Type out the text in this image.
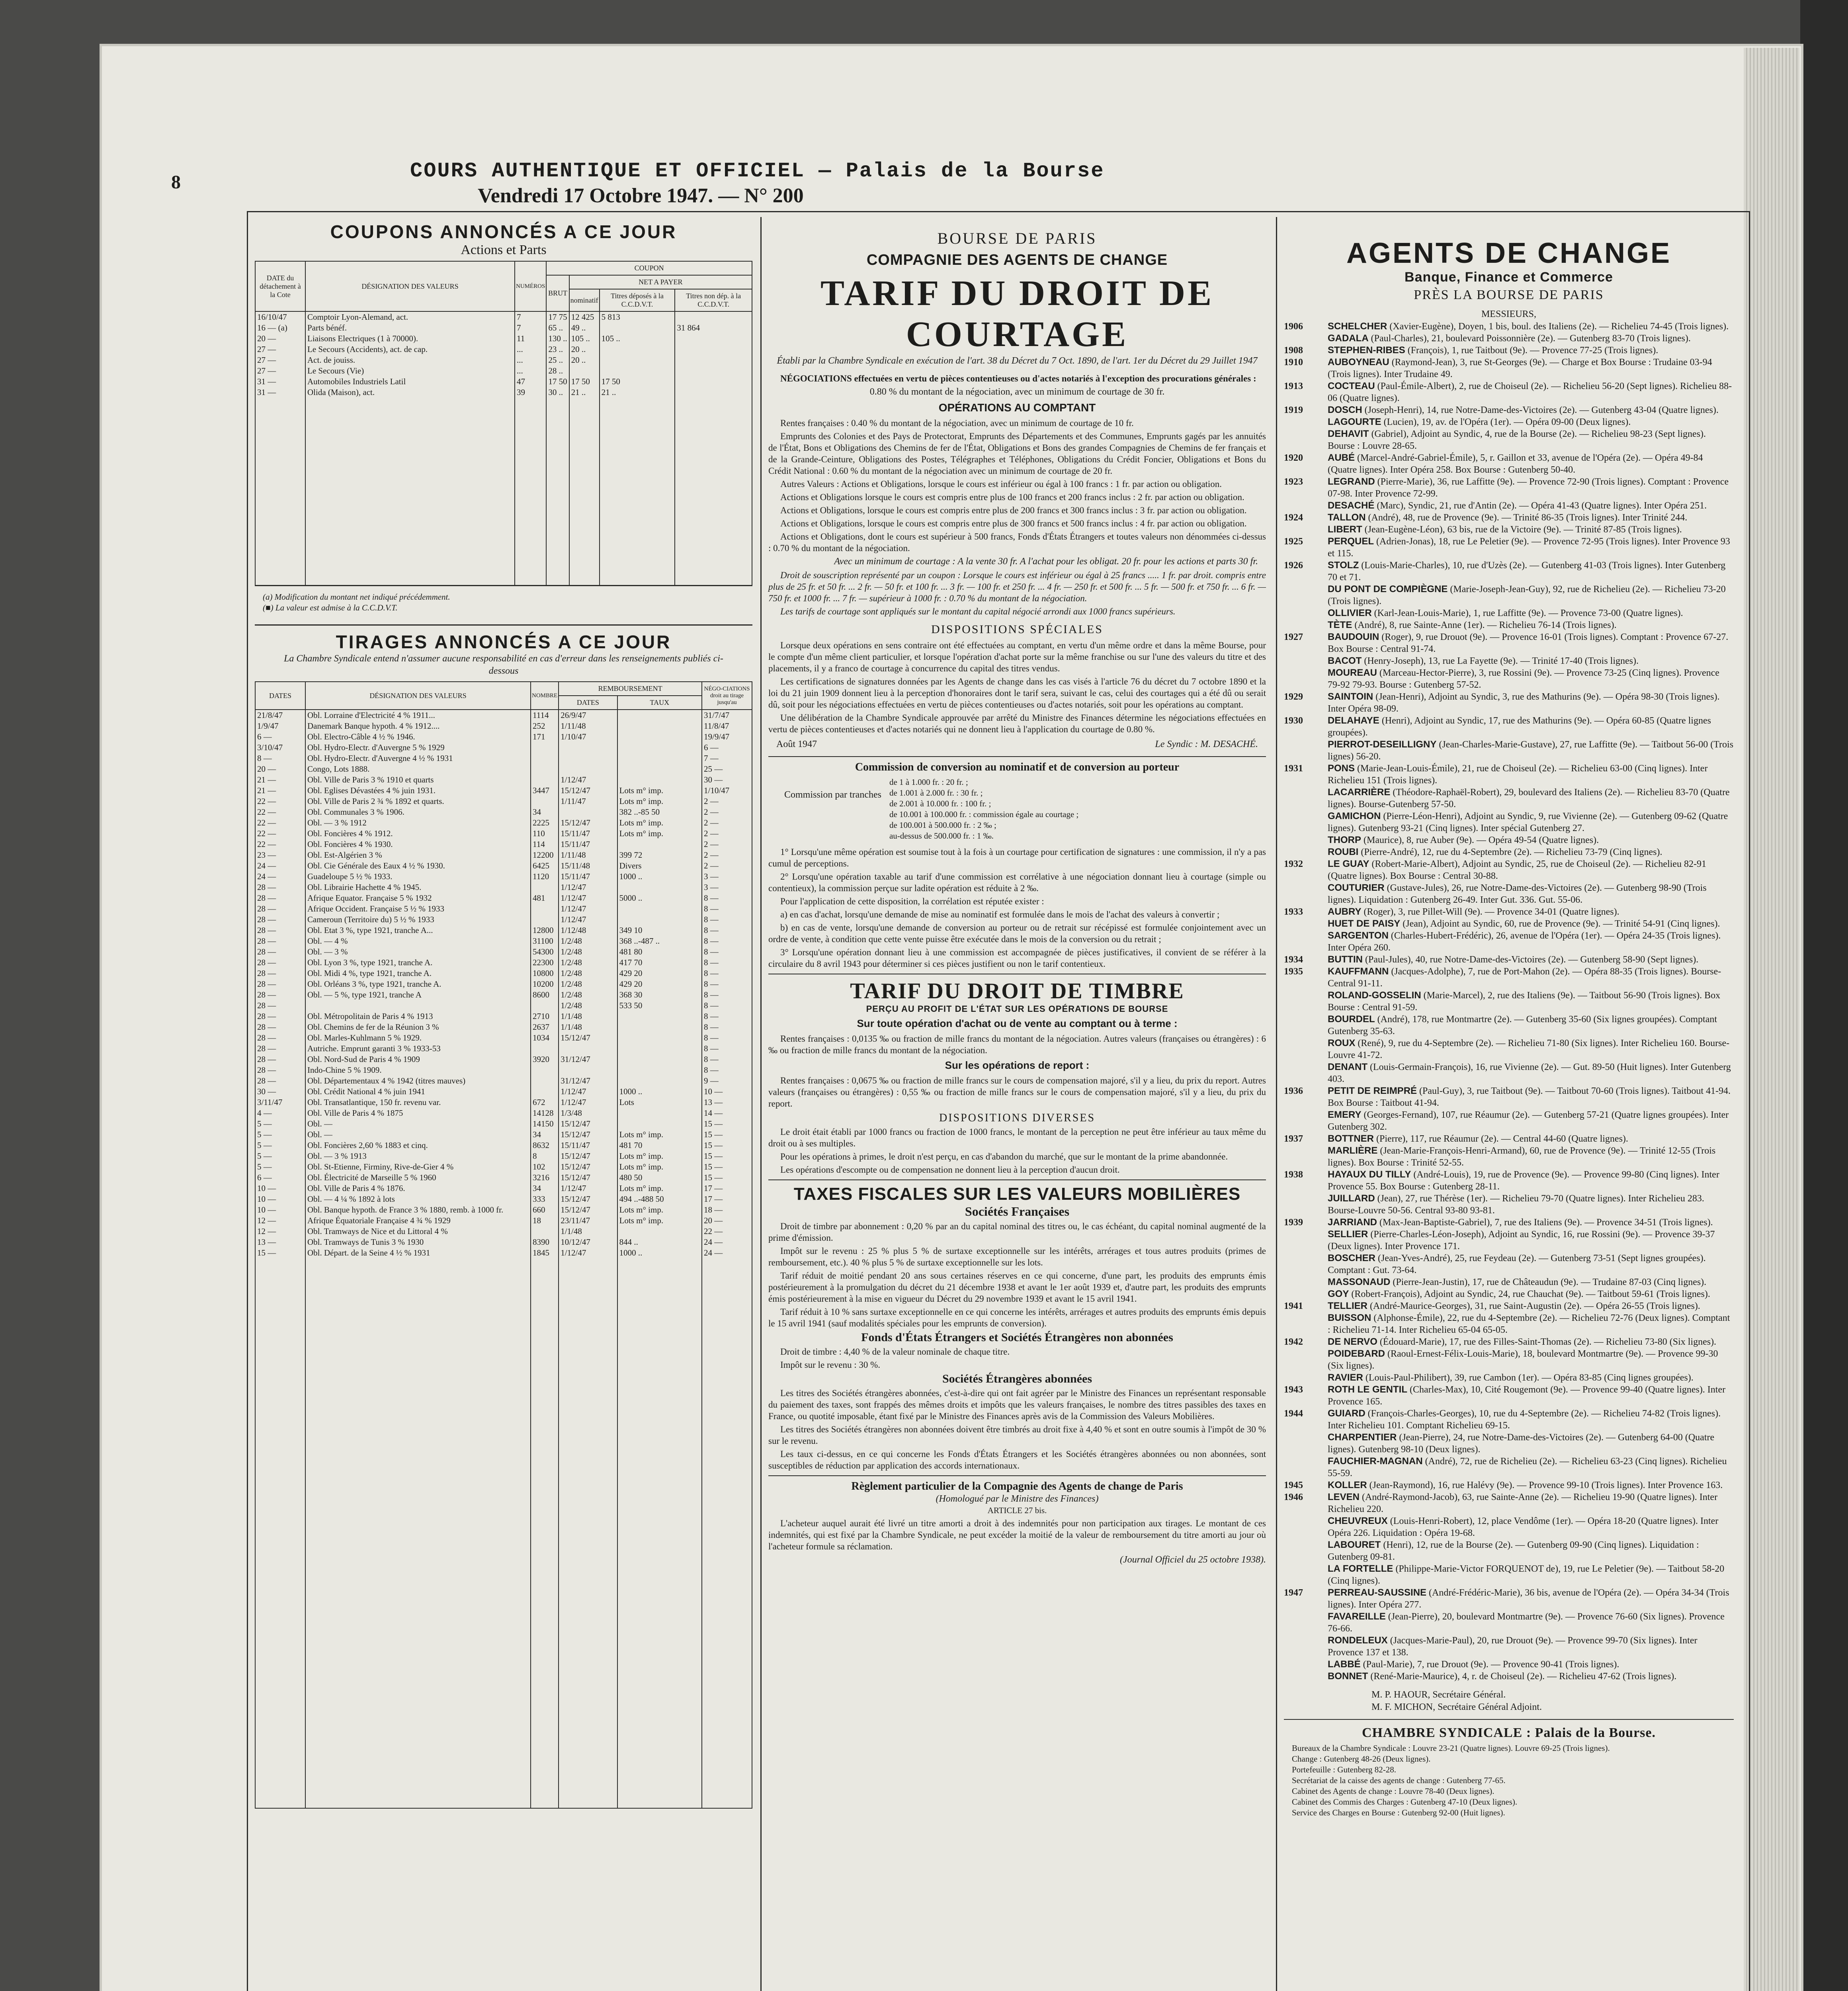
8	COURS AUTHENTIQUE ET OFFICIEL — Palais de la Bourse
Vendredi 17 Octobre 1947. — N° 200
COUPONS ANNONCÉS A CE JOUR
Actions et Parts
DATE du détachement à la Cote	DÉSIGNATION DES VALEURS	NUMÉROS	COUPON			
			BRUT	NET A PAYER		
				nominatif	Titres déposés à la C.C.D.V.T.	Titres non dép. à la C.C.D.V.T.
16/10/47	Comptoir Lyon-Alemand, act.	7	17 75	12 425	5 813	
16 — (a)	Parts bénéf.	7	65 ..	49 ..		31 864
20 —	Liaisons Electriques (1 à 70000).	11	130 ..	105 ..	105 ..	
27 —	Le Secours (Accidents), act. de cap.	...	23 ..	20 ..		
27 —	Act. de jouiss.	...	25 ..	20 ..		
27 —	Le Secours (Vie)	...	28 ..			
31 —	Automobiles Industriels Latil	47	17 50	17 50	17 50	
31 —	Olida (Maison), act.	39	30 ..	21 ..	21 ..	

(a) Modification du montant net indiqué précédemment.
(■) La valeur est admise à la C.C.D.V.T.
TIRAGES ANNONCÉS A CE JOUR
La Chambre Syndicale entend n'assumer aucune responsabilité en cas d'erreur dans les renseignements publiés ci-dessous
DATES	DÉSIGNATION DES VALEURS	NOMBRE	REMBOURSEMENT		NÉGO-CIATIONS droit au tirage jusqu'au
			DATES	TAUX	
21/8/47	Obl. Lorraine d'Electricité 4 % 1911...	1114	26/9/47		31/7/47
1/9/47	Danemark Banque hypoth. 4 % 1912....	252	1/11/48		11/8/47
6 —	Obl. Electro-Câble 4 ½ % 1946.	171	1/10/47		19/9/47
3/10/47	Obl. Hydro-Electr. d'Auvergne 5 % 1929				6 —
8 —	Obl. Hydro-Electr. d'Auvergne 4 ½ % 1931				7 —
20 —	Congo, Lots 1888.				25 —
21 —	Obl. Ville de Paris 3 % 1910 et quarts		1/12/47		30 —
21 —	Obl. Eglises Dévastées 4 % juin 1931.	3447	15/12/47	Lots m° imp.	1/10/47
22 —	Obl. Ville de Paris 2 ¾ % 1892 et quarts.		1/11/47	Lots m° imp.	2 —
22 —	Obl. Communales 3 % 1906.	34		382 ..-85 50	2 —
22 —	Obl. — 3 % 1912	2225	15/12/47	Lots m° imp.	2 —
22 —	Obl. Foncières 4 % 1912.	110	15/11/47	Lots m° imp.	2 —
22 —	Obl. Foncières 4 % 1930.	114	15/11/47		2 —
23 —	Obl. Est-Algérien 3 %	12200	1/11/48	399 72	2 —
24 —	Obl. Cie Générale des Eaux 4 ½ % 1930.	6425	15/11/48	Divers	2 —
24 —	Guadeloupe 5 ½ % 1933.	1120	15/11/47	1000 ..	3 —
28 —	Obl. Librairie Hachette 4 % 1945.		1/12/47		3 —
28 —	Afrique Equator. Française 5 % 1932	481	1/12/47	5000 ..	8 —
28 —	Afrique Occident. Française 5 ½ % 1933		1/12/47		8 —
28 —	Cameroun (Territoire du) 5 ½ % 1933		1/12/47		8 —
28 —	Obl. Etat 3 %, type 1921, tranche A...	12800	1/12/48	349 10	8 —
28 —	Obl. — 4 %	31100	1/2/48	368 ..-487 ..	8 —
28 —	Obl. — 3 %	54300	1/2/48	481 80	8 —
28 —	Obl. Lyon 3 %, type 1921, tranche A.	22300	1/2/48	417 70	8 —
28 —	Obl. Midi 4 %, type 1921, tranche A.	10800	1/2/48	429 20	8 —
28 —	Obl. Orléans 3 %, type 1921, tranche A.	10200	1/2/48	429 20	8 —
28 —	Obl. — 5 %, type 1921, tranche A	8600	1/2/48	368 30	8 —
28 —			1/2/48	533 50	8 —
28 —	Obl. Métropolitain de Paris 4 % 1913	2710	1/1/48		8 —
28 —	Obl. Chemins de fer de la Réunion 3 %	2637	1/1/48		8 —
28 —	Obl. Marles-Kuhlmann 5 % 1929.	1034	15/12/47		8 —
28 —	Autriche. Emprunt garanti 3 % 1933-53				8 —
28 —	Obl. Nord-Sud de Paris 4 % 1909	3920	31/12/47		8 —
28 —	Indo-Chine 5 % 1909.				8 —
28 —	Obl. Départementaux 4 % 1942 (titres mauves)		31/12/47		9 —
30 —	Obl. Crédit National 4 % juin 1941		1/12/47	1000 ..	10 —
3/11/47	Obl. Transatlantique, 150 fr. revenu var.	672	1/12/47	Lots	13 —
4 —	Obl. Ville de Paris 4 % 1875	14128	1/3/48		14 —
5 —	Obl. —	14150	15/12/47		15 —
5 —	Obl. —	34	15/12/47	Lots m° imp.	15 —
5 —	Obl. Foncières 2,60 % 1883 et cinq.	8632	15/11/47	481 70	15 —
5 —	Obl. — 3 % 1913	8	15/12/47	Lots m° imp.	15 —
5 —	Obl. St-Etienne, Firminy, Rive-de-Gier 4 %	102	15/12/47	Lots m° imp.	15 —
6 —	Obl. Électricité de Marseille 5 % 1960	3216	15/12/47	480 50	15 —
10 —	Obl. Ville de Paris 4 % 1876.	34	1/12/47	Lots m° imp.	17 —
10 —	Obl. — 4 ¼ % 1892 à lots	333	15/12/47	494 ..-488 50	17 —
10 —	Obl. Banque hypoth. de France 3 % 1880, remb. à 1000 fr.	660	15/12/47	Lots m° imp.	18 —
12 —	Afrique Équatoriale Française 4 ¾ % 1929	18	23/11/47	Lots m° imp.	20 —
12 —	Obl. Tramways de Nice et du Littoral 4 %		1/1/48		22 —
13 —	Obl. Tramways de Tunis 3 % 1930	8390	10/12/47	844 ..	24 —
15 —	Obl. Départ. de la Seine 4 ½ % 1931	1845	1/12/47	1000 ..	24 —

BOURSE DE PARIS
COMPAGNIE DES AGENTS DE CHANGE
TARIF DU DROIT DE COURTAGE
Établi par la Chambre Syndicale en exécution de l'art. 38 du Décret du 7 Oct. 1890, de l'art. 1er du Décret du 29 Juillet 1947
NÉGOCIATIONS effectuées en vertu de pièces contentieuses ou d'actes notariés à l'exception des procurations générales :
0.80 % du montant de la négociation, avec un minimum de courtage de 30 fr.
OPÉRATIONS AU COMPTANT
Rentes françaises : 0.40 % du montant de la négociation, avec un minimum de courtage de 10 fr.
Emprunts des Colonies et des Pays de Protectorat, Emprunts des Départements et des Communes, Emprunts gagés par les annuités de l'État, Bons et Obligations des Chemins de fer de l'État, Obligations et Bons des grandes Compagnies de Chemins de fer français et de la Grande-Ceinture, Obligations des Postes, Télégraphes et Téléphones, Obligations du Crédit Foncier, Obligations et Bons du Crédit National : 0.60 % du montant de la négociation avec un minimum de courtage de 20 fr.
Autres Valeurs : Actions et Obligations, lorsque le cours est inférieur ou égal à 100 francs : 1 fr. par action ou obligation.
Actions et Obligations lorsque le cours est compris entre plus de 100 francs et 200 francs inclus : 2 fr. par action ou obligation.
Actions et Obligations, lorsque le cours est compris entre plus de 200 francs et 300 francs inclus : 3 fr. par action ou obligation.
Actions et Obligations, lorsque le cours est compris entre plus de 300 francs et 500 francs inclus : 4 fr. par action ou obligation.
Actions et Obligations, dont le cours est supérieur à 500 francs, Fonds d'États Étrangers et toutes valeurs non dénommées ci-dessus : 0.70 % du montant de la négociation.
Avec un minimum de courtage : A la vente 30 fr. A l'achat pour les obligat. 20 fr. pour les actions et parts 30 fr.
Droit de souscription représenté par un coupon : Lorsque le cours est inférieur ou égal à 25 francs ..... 1 fr. par droit. compris entre plus de 25 fr. et 50 fr. ... 2 fr. — 50 fr. et 100 fr. ... 3 fr. — 100 fr. et 250 fr. ... 4 fr. — 250 fr. et 500 fr. ... 5 fr. — 500 fr. et 750 fr. ... 6 fr. — 750 fr. et 1000 fr. ... 7 fr. — supérieur à 1000 fr. : 0.70 % du montant de la négociation.
Les tarifs de courtage sont appliqués sur le montant du capital négocié arrondi aux 1000 francs supérieurs.
DISPOSITIONS SPÉCIALES
Lorsque deux opérations en sens contraire ont été effectuées au comptant, en vertu d'un même ordre et dans la même Bourse, pour le compte d'un même client particulier, et lorsque l'opération d'achat porte sur la même franchise ou sur l'une des valeurs du titre et des placements, il y a franco de courtage à concurrence du capital des titres vendus.
Les certifications de signatures données par les Agents de change dans les cas visés à l'article 76 du décret du 7 octobre 1890 et la loi du 21 juin 1909 donnent lieu à la perception d'honoraires dont le tarif sera, suivant le cas, celui des courtages qui a été dû ou serait dû, soit pour les négociations effectuées en vertu de pièces contentieuses ou d'actes notariés, soit pour les opérations au comptant.
Une délibération de la Chambre Syndicale approuvée par arrêté du Ministre des Finances détermine les négociations effectuées en vertu de pièces contentieuses et d'actes notariés qui ne donnent lieu à l'application du courtage de 0.80 %.
Août 1947	Le Syndic : M. DESACHÉ.
Commission de conversion au nominatif et de conversion au porteur
Commission par tranches
de 1 à 1.000 fr. : 20 fr. ;
de 1.001 à 2.000 fr. : 30 fr. ;
de 2.001 à 10.000 fr. : 100 fr. ;
de 10.001 à 100.000 fr. : commission égale au courtage ;
de 100.001 à 500.000 fr. : 2 ‰ ;
au-dessus de 500.000 fr. : 1 ‰.
1° Lorsqu'une même opération est soumise tout à la fois à un courtage pour certification de signatures : une commission, il n'y a pas cumul de perceptions.
2° Lorsqu'une opération taxable au tarif d'une commission est corrélative à une négociation donnant lieu à courtage (simple ou contentieux), la commission perçue sur ladite opération est réduite à 2 ‰.
Pour l'application de cette disposition, la corrélation est réputée exister :
a) en cas d'achat, lorsqu'une demande de mise au nominatif est formulée dans le mois de l'achat des valeurs à convertir ;
b) en cas de vente, lorsqu'une demande de conversion au porteur ou de retrait sur récépissé est formulée conjointement avec un ordre de vente, à condition que cette vente puisse être exécutée dans le mois de la conversion ou du retrait ;
3° Lorsqu'une opération donnant lieu à une commission est accompagnée de pièces justificatives, il convient de se référer à la circulaire du 8 avril 1943 pour déterminer si ces pièces justifient ou non le tarif contentieux.
TARIF DU DROIT DE TIMBRE
PERÇU AU PROFIT DE L'ÉTAT SUR LES OPÉRATIONS DE BOURSE
Sur toute opération d'achat ou de vente au comptant ou à terme :
Rentes françaises : 0,0135 ‰ ou fraction de mille francs du montant de la négociation. Autres valeurs (françaises ou étrangères) : 6 ‰ ou fraction de mille francs du montant de la négociation.
Sur les opérations de report :
Rentes françaises : 0,0675 ‰ ou fraction de mille francs sur le cours de compensation majoré, s'il y a lieu, du prix du report. Autres valeurs (françaises ou étrangères) : 0,55 ‰ ou fraction de mille francs sur le cours de compensation majoré, s'il y a lieu, du prix du report.
DISPOSITIONS DIVERSES
Le droit était établi par 1000 francs ou fraction de 1000 francs, le montant de la perception ne peut être inférieur au taux même du droit ou à ses multiples.
Pour les opérations à primes, le droit n'est perçu, en cas d'abandon du marché, que sur le montant de la prime abandonnée.
Les opérations d'escompte ou de compensation ne donnent lieu à la perception d'aucun droit.
TAXES FISCALES SUR LES VALEURS MOBILIÈRES
Sociétés Françaises
Droit de timbre par abonnement : 0,20 % par an du capital nominal des titres ou, le cas échéant, du capital nominal augmenté de la prime d'émission.
Impôt sur le revenu : 25 % plus 5 % de surtaxe exceptionnelle sur les intérêts, arrérages et tous autres produits (primes de remboursement, etc.). 40 % plus 5 % de surtaxe exceptionnelle sur les lots.
Tarif réduit de moitié pendant 20 ans sous certaines réserves en ce qui concerne, d'une part, les produits des emprunts émis postérieurement à la promulgation du décret du 21 décembre 1938 et avant le 1er août 1939 et, d'autre part, les produits des emprunts émis postérieurement à la mise en vigueur du Décret du 29 novembre 1939 et avant le 15 avril 1941.
Tarif réduit à 10 % sans surtaxe exceptionnelle en ce qui concerne les intérêts, arrérages et autres produits des emprunts émis depuis le 15 avril 1941 (sauf modalités spéciales pour les emprunts de conversion).
Fonds d'États Étrangers et Sociétés Étrangères non abonnées
Droit de timbre : 4,40 % de la valeur nominale de chaque titre.
Impôt sur le revenu : 30 %.
Sociétés Étrangères abonnées
Les titres des Sociétés étrangères abonnées, c'est-à-dire qui ont fait agréer par le Ministre des Finances un représentant responsable du paiement des taxes, sont frappés des mêmes droits et impôts que les valeurs françaises, le nombre des titres passibles des taxes en France, ou quotité imposable, étant fixé par le Ministre des Finances après avis de la Commission des Valeurs Mobilières.
Les titres des Sociétés étrangères non abonnées doivent être timbrés au droit fixe à 4,40 % et sont en outre soumis à l'impôt de 30 % sur le revenu.
Les taux ci-dessus, en ce qui concerne les Fonds d'États Étrangers et les Sociétés étrangères abonnées ou non abonnées, sont susceptibles de réduction par application des accords internationaux.
Règlement particulier de la Compagnie des Agents de change de Paris
(Homologué par le Ministre des Finances)
ARTICLE 27 bis.
L'acheteur auquel aurait été livré un titre amorti a droit à des indemnités pour non participation aux tirages. Le montant de ces indemnités, qui est fixé par la Chambre Syndicale, ne peut excéder la moitié de la valeur de remboursement du titre amorti au jour où l'acheteur formule sa réclamation.
(Journal Officiel du 25 octobre 1938).
AGENTS DE CHANGE
Banque, Finance et Commerce
PRÈS LA BOURSE DE PARIS
MESSIEURS,
1906	SCHELCHER (Xavier-Eugène), Doyen, 1 bis, boul. des Italiens (2e). — Richelieu 74-45 (Trois lignes).
GADALA (Paul-Charles), 21, boulevard Poissonnière (2e). — Gutenberg 83-70 (Trois lignes).
1908	STEPHEN-RIBES (François), 1, rue Taitbout (9e). — Provence 77-25 (Trois lignes).
1910	AUBOYNEAU (Raymond-Jean), 3, rue St-Georges (9e). — Charge et Box Bourse : Trudaine 03-94 (Trois lignes). Inter Trudaine 49.
1913	COCTEAU (Paul-Émile-Albert), 2, rue de Choiseul (2e). — Richelieu 56-20 (Sept lignes). Richelieu 88-06 (Quatre lignes).
1919	DOSCH (Joseph-Henri), 14, rue Notre-Dame-des-Victoires (2e). — Gutenberg 43-04 (Quatre lignes).
LAGOURTE (Lucien), 19, av. de l'Opéra (1er). — Opéra 09-00 (Deux lignes).
DEHAVIT (Gabriel), Adjoint au Syndic, 4, rue de la Bourse (2e). — Richelieu 98-23 (Sept lignes). Bourse : Louvre 28-65.
1920	AUBÉ (Marcel-André-Gabriel-Émile), 5, r. Gaillon et 33, avenue de l'Opéra (2e). — Opéra 49-84 (Quatre lignes). Inter Opéra 258. Box Bourse : Gutenberg 50-40.
1923	LEGRAND (Pierre-Marie), 36, rue Laffitte (9e). — Provence 72-90 (Trois lignes). Comptant : Provence 07-98. Inter Provence 72-99.
DESACHÉ (Marc), Syndic, 21, rue d'Antin (2e). — Opéra 41-43 (Quatre lignes). Inter Opéra 251.
1924	TALLON (André), 48, rue de Provence (9e). — Trinité 86-35 (Trois lignes). Inter Trinité 244.
LIBERT (Jean-Eugène-Léon), 63 bis, rue de la Victoire (9e). — Trinité 87-85 (Trois lignes).
1925	PERQUEL (Adrien-Jonas), 18, rue Le Peletier (9e). — Provence 72-95 (Trois lignes). Inter Provence 93 et 115.
1926	STOLZ (Louis-Marie-Charles), 10, rue d'Uzès (2e). — Gutenberg 41-03 (Trois lignes). Inter Gutenberg 70 et 71.
DU PONT DE COMPIÈGNE (Marie-Joseph-Jean-Guy), 92, rue de Richelieu (2e). — Richelieu 73-20 (Trois lignes).
OLLIVIER (Karl-Jean-Louis-Marie), 1, rue Laffitte (9e). — Provence 73-00 (Quatre lignes).
TÈTE (André), 8, rue Sainte-Anne (1er). — Richelieu 76-14 (Trois lignes).
1927	BAUDOUIN (Roger), 9, rue Drouot (9e). — Provence 16-01 (Trois lignes). Comptant : Provence 67-27. Box Bourse : Central 91-74.
BACOT (Henry-Joseph), 13, rue La Fayette (9e). — Trinité 17-40 (Trois lignes).
MOUREAU (Marceau-Hector-Pierre), 3, rue Rossini (9e). — Provence 73-25 (Cinq lignes). Provence 79-92 79-93. Bourse : Gutenberg 57-52.
1929	SAINTOIN (Jean-Henri), Adjoint au Syndic, 3, rue des Mathurins (9e). — Opéra 98-30 (Trois lignes). Inter Opéra 98-09.
1930	DELAHAYE (Henri), Adjoint au Syndic, 17, rue des Mathurins (9e). — Opéra 60-85 (Quatre lignes groupées).
PIERROT-DESEILLIGNY (Jean-Charles-Marie-Gustave), 27, rue Laffitte (9e). — Taitbout 56-00 (Trois lignes) 56-20.
1931	PONS (Marie-Jean-Louis-Émile), 21, rue de Choiseul (2e). — Richelieu 63-00 (Cinq lignes). Inter Richelieu 151 (Trois lignes).
LACARRIÈRE (Théodore-Raphaël-Robert), 29, boulevard des Italiens (2e). — Richelieu 83-70 (Quatre lignes). Bourse-Gutenberg 57-50.
GAMICHON (Pierre-Léon-Henri), Adjoint au Syndic, 9, rue Vivienne (2e). — Gutenberg 09-62 (Quatre lignes). Gutenberg 93-21 (Cinq lignes). Inter spécial Gutenberg 27.
THORP (Maurice), 8, rue Auber (9e). — Opéra 49-54 (Quatre lignes).
ROUBI (Pierre-André), 12, rue du 4-Septembre (2e). — Richelieu 73-79 (Cinq lignes).
1932	LE GUAY (Robert-Marie-Albert), Adjoint au Syndic, 25, rue de Choiseul (2e). — Richelieu 82-91 (Quatre lignes). Box Bourse : Central 30-88.
COUTURIER (Gustave-Jules), 26, rue Notre-Dame-des-Victoires (2e). — Gutenberg 98-90 (Trois lignes). Liquidation : Gutenberg 26-49. Inter Gut. 336. Gut. 55-06.
1933	AUBRY (Roger), 3, rue Pillet-Will (9e). — Provence 34-01 (Quatre lignes).
HUET DE PAISY (Jean), Adjoint au Syndic, 60, rue de Provence (9e). — Trinité 54-91 (Cinq lignes).
SARGENTON (Charles-Hubert-Frédéric), 26, avenue de l'Opéra (1er). — Opéra 24-35 (Trois lignes). Inter Opéra 260.
1934	BUTTIN (Paul-Jules), 40, rue Notre-Dame-des-Victoires (2e). — Gutenberg 58-90 (Sept lignes).
1935	KAUFFMANN (Jacques-Adolphe), 7, rue de Port-Mahon (2e). — Opéra 88-35 (Trois lignes). Bourse-Central 91-11.
ROLAND-GOSSELIN (Marie-Marcel), 2, rue des Italiens (9e). — Taitbout 56-90 (Trois lignes). Box Bourse : Central 91-59.
BOURDEL (André), 178, rue Montmartre (2e). — Gutenberg 35-60 (Six lignes groupées). Comptant Gutenberg 35-63.
ROUX (René), 9, rue du 4-Septembre (2e). — Richelieu 71-80 (Six lignes). Inter Richelieu 160. Bourse-Louvre 41-72.
DENANT (Louis-Germain-François), 16, rue Vivienne (2e). — Gut. 89-50 (Huit lignes). Inter Gutenberg 403.
1936	PETIT DE REIMPRÉ (Paul-Guy), 3, rue Taitbout (9e). — Taitbout 70-60 (Trois lignes). Taitbout 41-94. Box Bourse : Taitbout 41-94.
EMERY (Georges-Fernand), 107, rue Réaumur (2e). — Gutenberg 57-21 (Quatre lignes groupées). Inter Gutenberg 302.
1937	BOTTNER (Pierre), 117, rue Réaumur (2e). — Central 44-60 (Quatre lignes).
MARLIÈRE (Jean-Marie-François-Henri-Armand), 60, rue de Provence (9e). — Trinité 12-55 (Trois lignes). Box Bourse : Trinité 52-55.
1938	HAYAUX DU TILLY (André-Louis), 19, rue de Provence (9e). — Provence 99-80 (Cinq lignes). Inter Provence 55. Box Bourse : Gutenberg 28-11.
JUILLARD (Jean), 27, rue Thérèse (1er). — Richelieu 79-70 (Quatre lignes). Inter Richelieu 283. Bourse-Louvre 50-56. Central 93-80 93-81.
1939	JARRIAND (Max-Jean-Baptiste-Gabriel), 7, rue des Italiens (9e). — Provence 34-51 (Trois lignes).
SELLIER (Pierre-Charles-Léon-Joseph), Adjoint au Syndic, 16, rue Rossini (9e). — Provence 39-37 (Deux lignes). Inter Provence 171.
BOSCHER (Jean-Yves-André), 25, rue Feydeau (2e). — Gutenberg 73-51 (Sept lignes groupées). Comptant : Gut. 73-64.
MASSONAUD (Pierre-Jean-Justin), 17, rue de Châteaudun (9e). — Trudaine 87-03 (Cinq lignes).
GOY (Robert-François), Adjoint au Syndic, 24, rue Chauchat (9e). — Taitbout 59-61 (Trois lignes).
1941	TELLIER (André-Maurice-Georges), 31, rue Saint-Augustin (2e). — Opéra 26-55 (Trois lignes).
BUISSON (Alphonse-Émile), 22, rue du 4-Septembre (2e). — Richelieu 72-76 (Deux lignes). Comptant : Richelieu 71-14. Inter Richelieu 65-04 65-05.
1942	DE NERVO (Édouard-Marie), 17, rue des Filles-Saint-Thomas (2e). — Richelieu 73-80 (Six lignes).
POIDEBARD (Raoul-Ernest-Félix-Louis-Marie), 18, boulevard Montmartre (9e). — Provence 99-30 (Six lignes).
RAVIER (Louis-Paul-Philibert), 39, rue Cambon (1er). — Opéra 83-85 (Cinq lignes groupées).
1943	ROTH LE GENTIL (Charles-Max), 10, Cité Rougemont (9e). — Provence 99-40 (Quatre lignes). Inter Provence 165.
1944	GUIARD (François-Charles-Georges), 10, rue du 4-Septembre (2e). — Richelieu 74-82 (Trois lignes). Inter Richelieu 101. Comptant Richelieu 69-15.
CHARPENTIER (Jean-Pierre), 24, rue Notre-Dame-des-Victoires (2e). — Gutenberg 64-00 (Quatre lignes). Gutenberg 98-10 (Deux lignes).
FAUCHIER-MAGNAN (André), 72, rue de Richelieu (2e). — Richelieu 63-23 (Cinq lignes). Richelieu 55-59.
1945	KOLLER (Jean-Raymond), 16, rue Halévy (9e). — Provence 99-10 (Trois lignes). Inter Provence 163.
1946	LEVEN (André-Raymond-Jacob), 63, rue Sainte-Anne (2e). — Richelieu 19-90 (Quatre lignes). Inter Richelieu 220.
CHEUVREUX (Louis-Henri-Robert), 12, place Vendôme (1er). — Opéra 18-20 (Quatre lignes). Inter Opéra 226. Liquidation : Opéra 19-68.
LABOURET (Henri), 12, rue de la Bourse (2e). — Gutenberg 09-90 (Cinq lignes). Liquidation : Gutenberg 09-81.
LA FORTELLE (Philippe-Marie-Victor FORQUENOT de), 19, rue Le Peletier (9e). — Taitbout 58-20 (Cinq lignes).
1947	PERREAU-SAUSSINE (André-Frédéric-Marie), 36 bis, avenue de l'Opéra (2e). — Opéra 34-34 (Trois lignes). Inter Opéra 277.
FAVAREILLE (Jean-Pierre), 20, boulevard Montmartre (9e). — Provence 76-60 (Six lignes). Provence 76-66.
RONDELEUX (Jacques-Marie-Paul), 20, rue Drouot (9e). — Provence 99-70 (Six lignes). Inter Provence 137 et 138.
LABBÉ (Paul-Marie), 7, rue Drouot (9e). — Provence 90-41 (Trois lignes).
BONNET (René-Marie-Maurice), 4, r. de Choiseul (2e). — Richelieu 47-62 (Trois lignes).
M. P. HAOUR, Secrétaire Général.
M. F. MICHON, Secrétaire Général Adjoint.
CHAMBRE SYNDICALE : Palais de la Bourse.
Bureaux de la Chambre Syndicale : Louvre 23-21 (Quatre lignes). Louvre 69-25 (Trois lignes).
Change : Gutenberg 48-26 (Deux lignes).
Portefeuille : Gutenberg 82-28.
Secrétariat de la caisse des agents de change : Gutenberg 77-65.
Cabinet des Agents de change : Louvre 78-40 (Deux lignes).
Cabinet des Commis des Charges : Gutenberg 47-10 (Deux lignes).
Service des Charges en Bourse : Gutenberg 92-00 (Huit lignes).
